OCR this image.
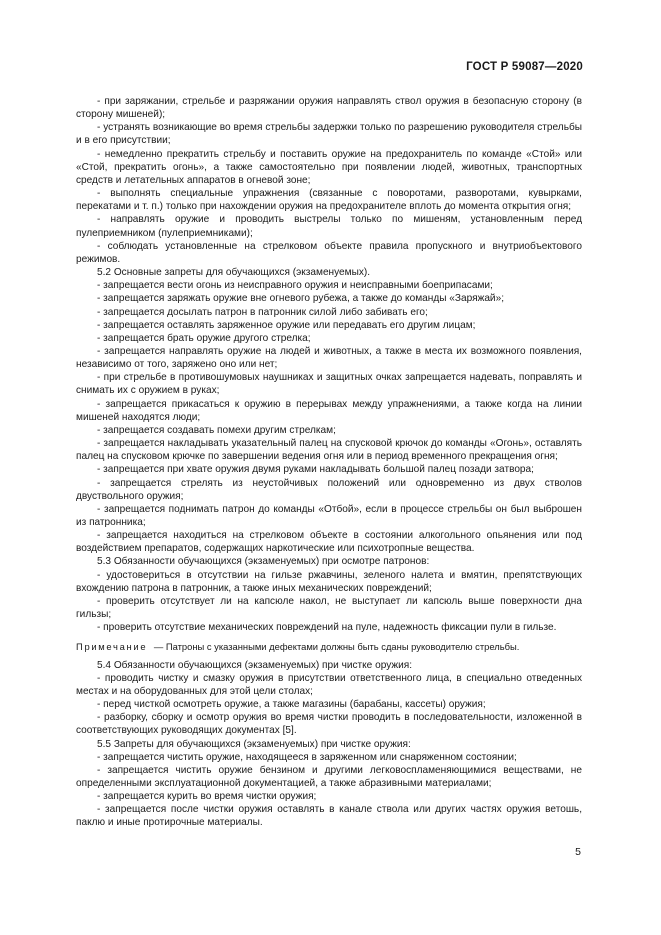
ГОСТ Р 59087—2020

- при заряжании, стрельбе и разряжании оружия направлять ствол оружия в безопасную сторону (в сторону мишеней);

- устранять возникающие во время стрельбы задержки только по разрешению руководителя стрельбы и в его присутствии;

- немедленно прекратить стрельбу и поставить оружие на предохранитель по команде «Стой» или «Стой, прекратить огонь», а также самостоятельно при появлении людей, животных, транспортных средств и летательных аппаратов в огневой зоне;

- выполнять специальные упражнения (связанные с поворотами, разворотами, кувырками, перекатами и т. п.) только при нахождении оружия на предохранителе вплоть до момента открытия огня;

- направлять оружие и проводить выстрелы только по мишеням, установленным перед пулеприемником (пулеприемниками);

- соблюдать установленные на стрелковом объекте правила пропускного и внутриобъектового режимов.

5.2 Основные запреты для обучающихся (экзаменуемых).

- запрещается вести огонь из неисправного оружия и неисправными боеприпасами;

- запрещается заряжать оружие вне огневого рубежа, а также до команды «Заряжай»;

- запрещается досылать патрон в патронник силой либо забивать его;

- запрещается оставлять заряженное оружие или передавать его другим лицам;

- запрещается брать оружие другого стрелка;

- запрещается направлять оружие на людей и животных, а также в места их возможного появления, независимо от того, заряжено оно или нет;

- при стрельбе в противошумовых наушниках и защитных очках запрещается надевать, поправлять и снимать их с оружием в руках;

- запрещается прикасаться к оружию в перерывах между упражнениями, а также когда на линии мишеней находятся люди;

- запрещается создавать помехи другим стрелкам;

- запрещается накладывать указательный палец на спусковой крючок до команды «Огонь», оставлять палец на спусковом крючке по завершении ведения огня или в период временного прекращения огня;

- запрещается при хвате оружия двумя руками накладывать большой палец позади затвора;

- запрещается стрелять из неустойчивых положений или одновременно из двух стволов двуствольного оружия;

- запрещается поднимать патрон до команды «Отбой», если в процессе стрельбы он был выброшен из патронника;

- запрещается находиться на стрелковом объекте в состоянии алкогольного опьянения или под воздействием препаратов, содержащих наркотические или психотропные вещества.

5.3 Обязанности обучающихся (экзаменуемых) при осмотре патронов:

- удостовериться в отсутствии на гильзе ржавчины, зеленого налета и вмятин, препятствующих вхождению патрона в патронник, а также иных механических повреждений;

- проверить отсутствует ли на капсюле накол, не выступает ли капсюль выше поверхности дна гильзы;

- проверить отсутствие механических повреждений на пуле, надежность фиксации пули в гильзе.

Примечание — Патроны с указанными дефектами должны быть сданы руководителю стрельбы.

5.4 Обязанности обучающихся (экзаменуемых) при чистке оружия:

- проводить чистку и смазку оружия в присутствии ответственного лица, в специально отведенных местах и на оборудованных для этой цели столах;

- перед чисткой осмотреть оружие, а также магазины (барабаны, кассеты) оружия;

- разборку, сборку и осмотр оружия во время чистки проводить в последовательности, изложенной в соответствующих руководящих документах [5].

5.5 Запреты для обучающихся (экзаменуемых) при чистке оружия:

- запрещается чистить оружие, находящееся в заряженном или снаряженном состоянии;

- запрещается чистить оружие бензином и другими легковоспламеняющимися веществами, не определенными эксплуатационной документацией, а также абразивными материалами;

- запрещается курить во время чистки оружия;

- запрещается после чистки оружия оставлять в канале ствола или других частях оружия ветошь, паклю и иные протирочные материалы.

5
